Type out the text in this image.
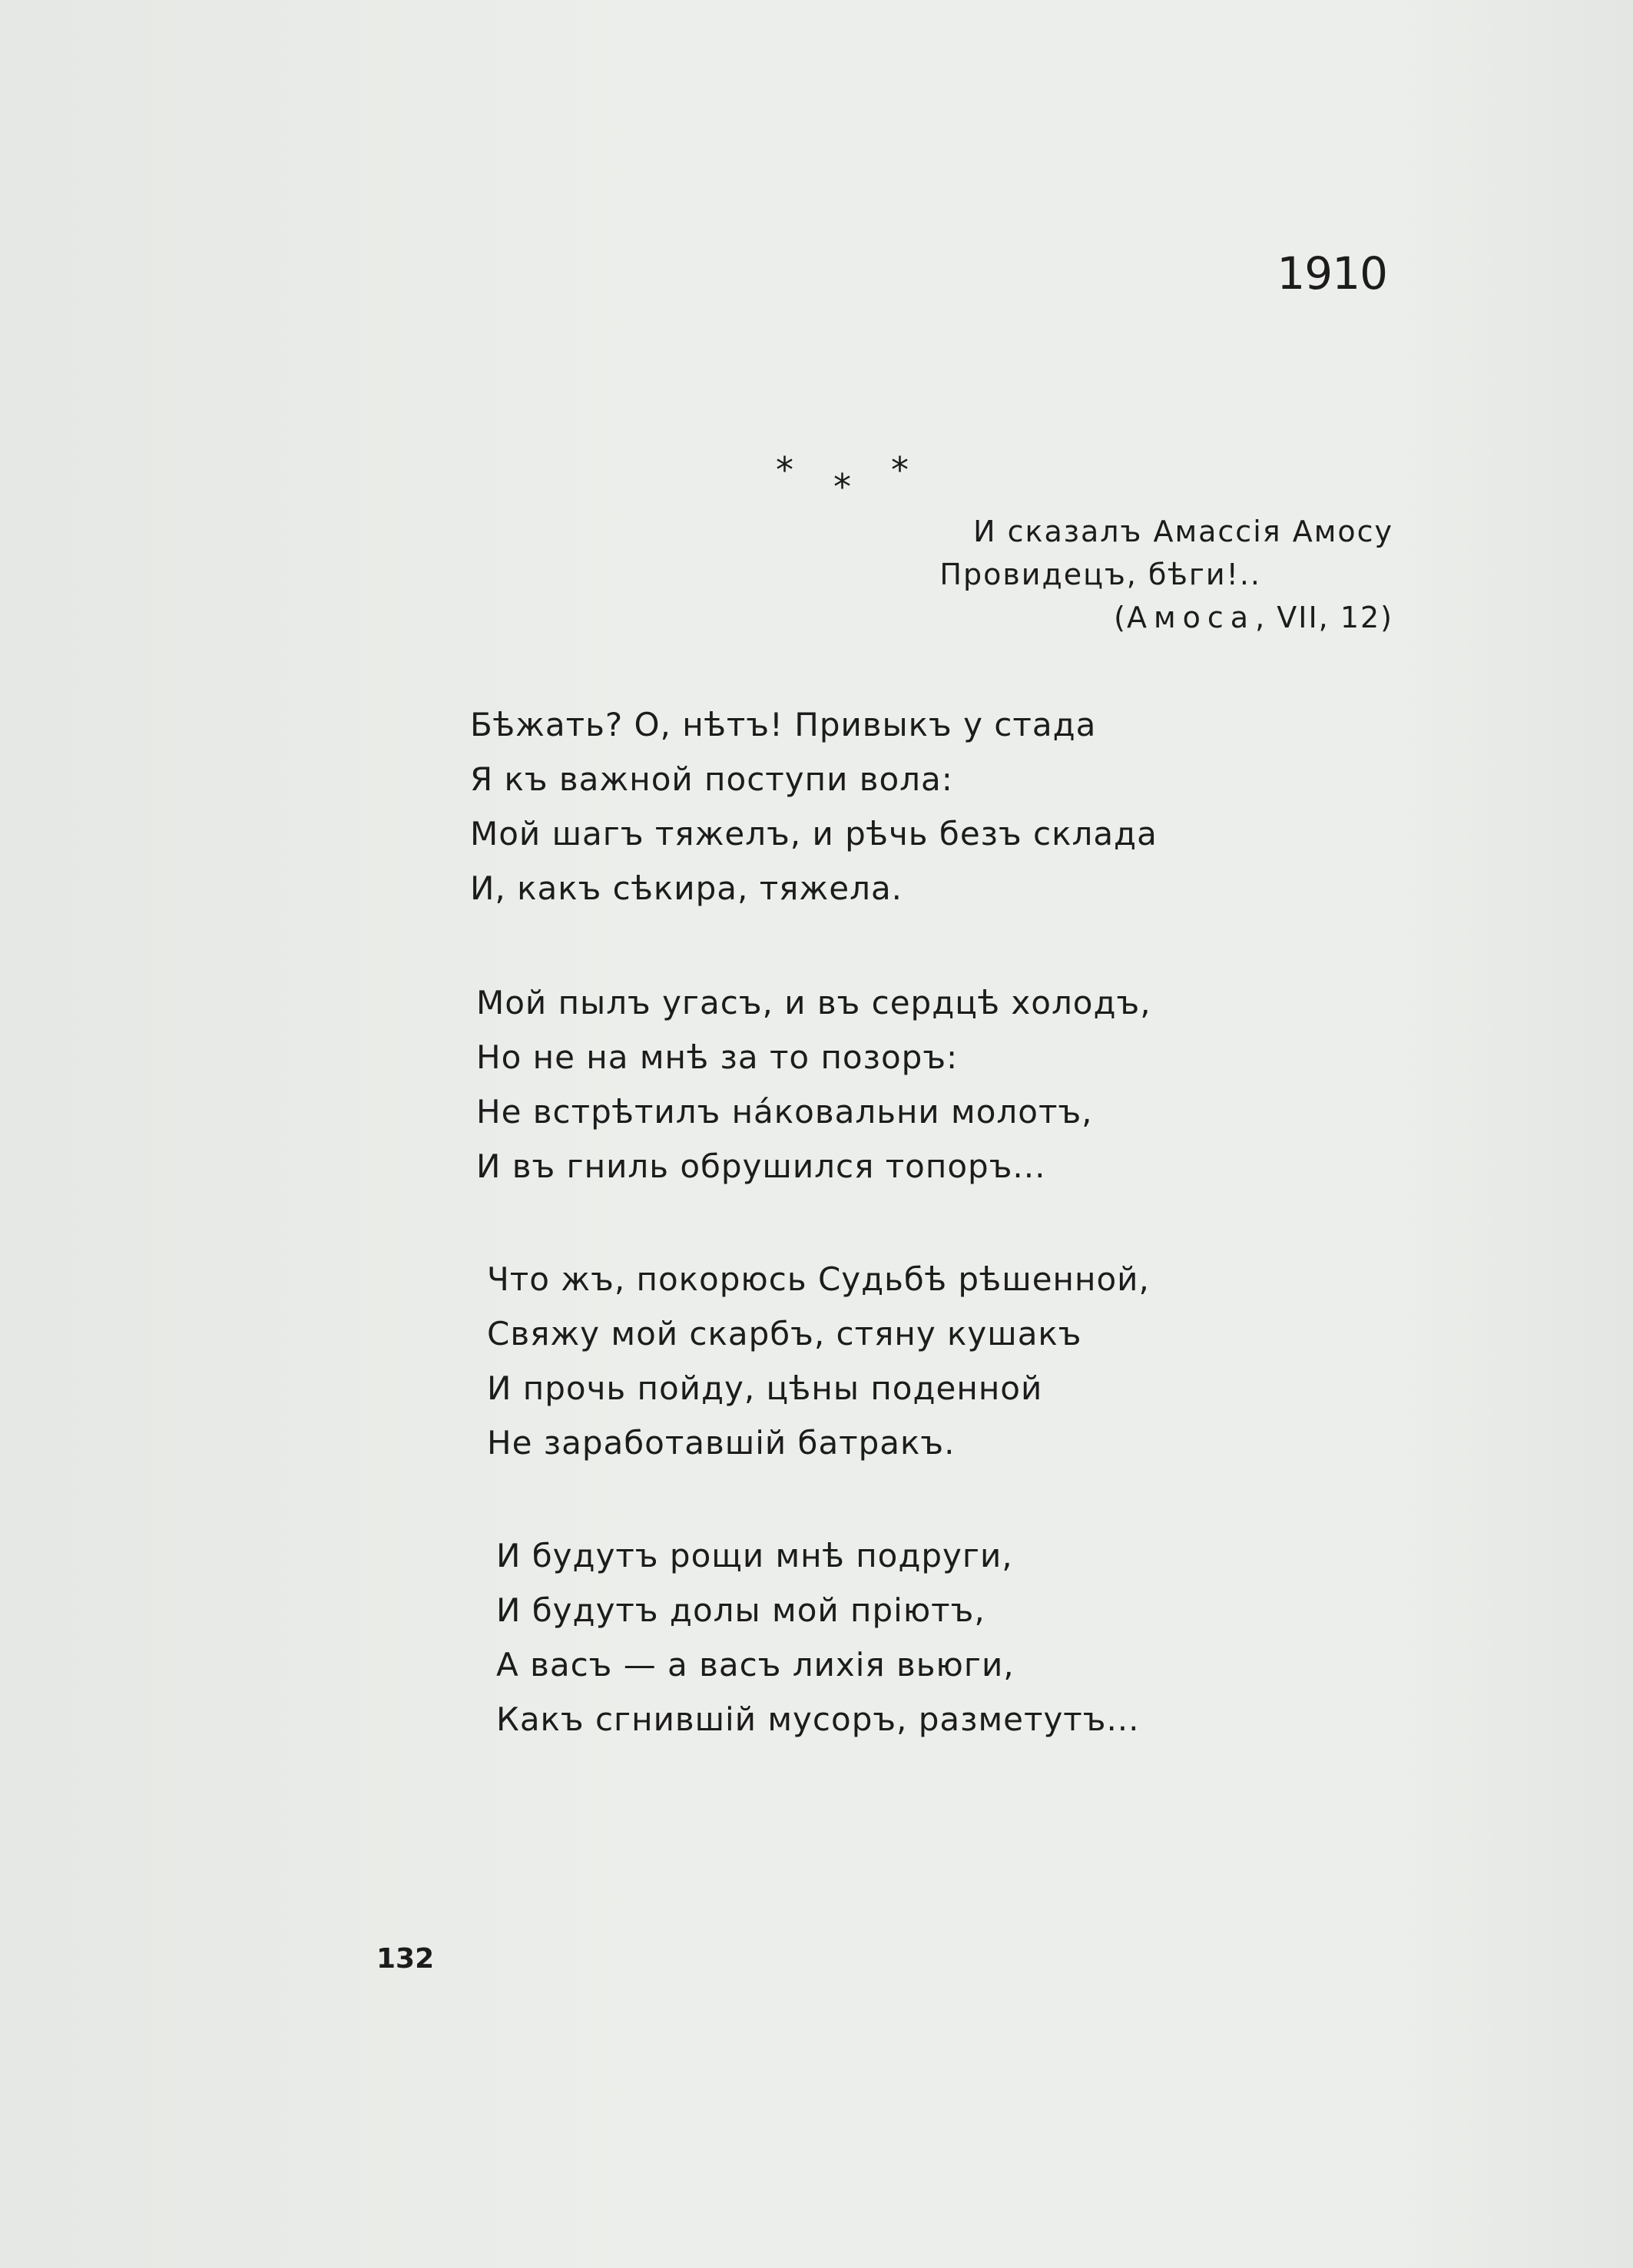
1910
* * *
И сказалъ Амассія Амосу
Провидецъ, бѣги!..
(Амоса, VII, 12)
Бѣжать? О, нѣтъ! Привыкъ у стада
Я къ важной поступи вола:
Мой шагъ тяжелъ, и рѣчь безъ склада
И, какъ сѣкира, тяжела.
Мой пылъ угасъ, и въ сердцѣ холодъ,
Но не на мнѣ за то позоръ:
Не встрѣтилъ нáковальни молотъ,
И въ гниль обрушился топоръ...
Что жъ, покорюсь Судьбѣ рѣшенной,
Свяжу мой скарбъ, стяну кушакъ
И прочь пойду, цѣны поденной
Не заработавшій батракъ.
И будутъ рощи мнѣ подруги,
И будутъ долы мой пріютъ,
А васъ — а васъ лихія вьюги,
Какъ сгнившій мусоръ, разметутъ...
132
